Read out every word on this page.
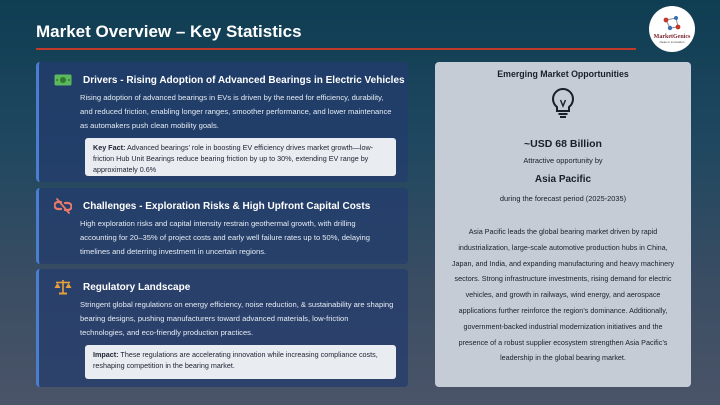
Market Overview – Key Statistics	MarketGenics
ideas in innovation
Drivers - Rising Adoption of Advanced Bearings in Electric Vehicles
Rising adoption of advanced bearings in EVs is driven by the need for efficiency, durability, and reduced friction, enabling longer ranges, smoother performance, and lower maintenance as automakers push clean mobility goals.
Key Fact: Advanced bearings’ role in boosting EV efficiency drives market growth—low-friction Hub Unit Bearings reduce bearing friction by up to 30%, extending EV range by approximately 0.6%
Challenges - Exploration Risks & High Upfront Capital Costs
High exploration risks and capital intensity restrain geothermal growth, with drilling accounting for 20–35% of project costs and early well failure rates up to 50%, delaying timelines and deterring investment in uncertain regions.
Regulatory Landscape
Stringent global regulations on energy efficiency, noise reduction, & sustainability are shaping bearing designs, pushing manufacturers toward advanced materials, low-friction technologies, and eco-friendly production practices.
Impact: These regulations are accelerating innovation while increasing compliance costs, reshaping competition in the bearing market.
Emerging Market Opportunities
~USD 68 Billion
Attractive opportunity by
Asia Pacific
during the forecast period (2025-2035)
Asia Pacific leads the global bearing market driven by rapid industrialization, large-scale automotive production hubs in China, Japan, and India, and expanding manufacturing and heavy machinery sectors. Strong infrastructure investments, rising demand for electric vehicles, and growth in railways, wind energy, and aerospace applications further reinforce the region’s dominance. Additionally, government-backed industrial modernization initiatives and the presence of a robust supplier ecosystem strengthen Asia Pacific’s leadership in the global bearing market.
